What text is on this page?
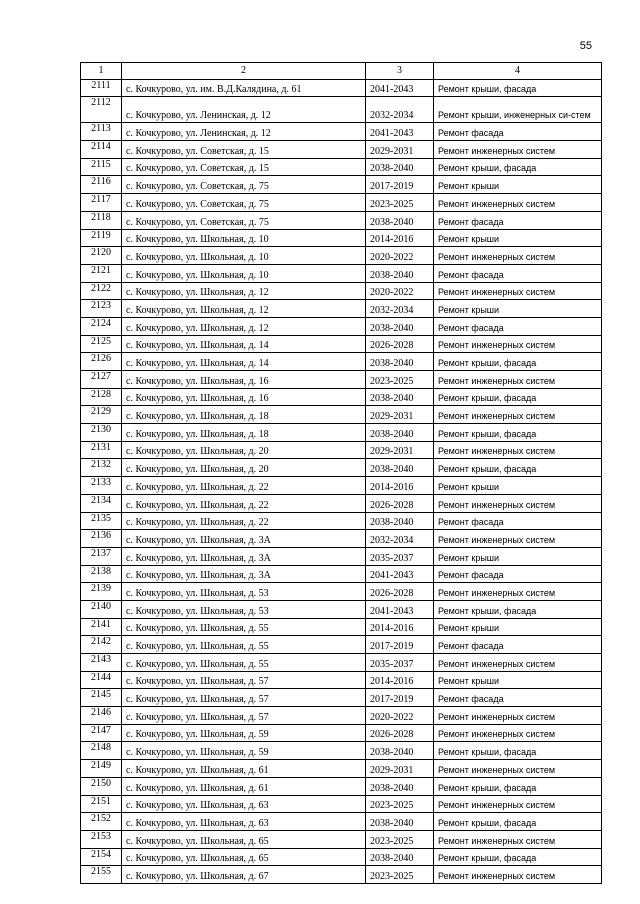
55
1	2	3	4
2111	с. Кочкурово, ул. им. В.Д.Калядина, д. 61	2041-2043	Ремонт крыши, фасада
2112	с. Кочкурово, ул. Ленинская, д. 12	2032-2034	Ремонт крыши, инженерных си-стем
2113	с. Кочкурово, ул. Ленинская, д. 12	2041-2043	Ремонт фасада
2114	с. Кочкурово, ул. Советская, д. 15	2029-2031	Ремонт инженерных систем
2115	с. Кочкурово, ул. Советская, д. 15	2038-2040	Ремонт крыши, фасада
2116	с. Кочкурово, ул. Советская, д. 75	2017-2019	Ремонт крыши
2117	с. Кочкурово, ул. Советская, д. 75	2023-2025	Ремонт инженерных систем
2118	с. Кочкурово, ул. Советская, д. 75	2038-2040	Ремонт фасада
2119	с. Кочкурово, ул. Школьная, д. 10	2014-2016	Ремонт крыши
2120	с. Кочкурово, ул. Школьная, д. 10	2020-2022	Ремонт инженерных систем
2121	с. Кочкурово, ул. Школьная, д. 10	2038-2040	Ремонт фасада
2122	с. Кочкурово, ул. Школьная, д. 12	2020-2022	Ремонт инженерных систем
2123	с. Кочкурово, ул. Школьная, д. 12	2032-2034	Ремонт крыши
2124	с. Кочкурово, ул. Школьная, д. 12	2038-2040	Ремонт фасада
2125	с. Кочкурово, ул. Школьная, д. 14	2026-2028	Ремонт инженерных систем
2126	с. Кочкурово, ул. Школьная, д. 14	2038-2040	Ремонт крыши, фасада
2127	с. Кочкурово, ул. Школьная, д. 16	2023-2025	Ремонт инженерных систем
2128	с. Кочкурово, ул. Школьная, д. 16	2038-2040	Ремонт крыши, фасада
2129	с. Кочкурово, ул. Школьная, д. 18	2029-2031	Ремонт инженерных систем
2130	с. Кочкурово, ул. Школьная, д. 18	2038-2040	Ремонт крыши, фасада
2131	с. Кочкурово, ул. Школьная, д. 20	2029-2031	Ремонт инженерных систем
2132	с. Кочкурово, ул. Школьная, д. 20	2038-2040	Ремонт крыши, фасада
2133	с. Кочкурово, ул. Школьная, д. 22	2014-2016	Ремонт крыши
2134	с. Кочкурово, ул. Школьная, д. 22	2026-2028	Ремонт инженерных систем
2135	с. Кочкурово, ул. Школьная, д. 22	2038-2040	Ремонт фасада
2136	с. Кочкурово, ул. Школьная, д. 3А	2032-2034	Ремонт инженерных систем
2137	с. Кочкурово, ул. Школьная, д. 3А	2035-2037	Ремонт крыши
2138	с. Кочкурово, ул. Школьная, д. 3А	2041-2043	Ремонт фасада
2139	с. Кочкурово, ул. Школьная, д. 53	2026-2028	Ремонт инженерных систем
2140	с. Кочкурово, ул. Школьная, д. 53	2041-2043	Ремонт крыши, фасада
2141	с. Кочкурово, ул. Школьная, д. 55	2014-2016	Ремонт крыши
2142	с. Кочкурово, ул. Школьная, д. 55	2017-2019	Ремонт фасада
2143	с. Кочкурово, ул. Школьная, д. 55	2035-2037	Ремонт инженерных систем
2144	с. Кочкурово, ул. Школьная, д. 57	2014-2016	Ремонт крыши
2145	с. Кочкурово, ул. Школьная, д. 57	2017-2019	Ремонт фасада
2146	с. Кочкурово, ул. Школьная, д. 57	2020-2022	Ремонт инженерных систем
2147	с. Кочкурово, ул. Школьная, д. 59	2026-2028	Ремонт инженерных систем
2148	с. Кочкурово, ул. Школьная, д. 59	2038-2040	Ремонт крыши, фасада
2149	с. Кочкурово, ул. Школьная, д. 61	2029-2031	Ремонт инженерных систем
2150	с. Кочкурово, ул. Школьная, д. 61	2038-2040	Ремонт крыши, фасада
2151	с. Кочкурово, ул. Школьная, д. 63	2023-2025	Ремонт инженерных систем
2152	с. Кочкурово, ул. Школьная, д. 63	2038-2040	Ремонт крыши, фасада
2153	с. Кочкурово, ул. Школьная, д. 65	2023-2025	Ремонт инженерных систем
2154	с. Кочкурово, ул. Школьная, д. 65	2038-2040	Ремонт крыши, фасада
2155	с. Кочкурово, ул. Школьная, д. 67	2023-2025	Ремонт инженерных систем
